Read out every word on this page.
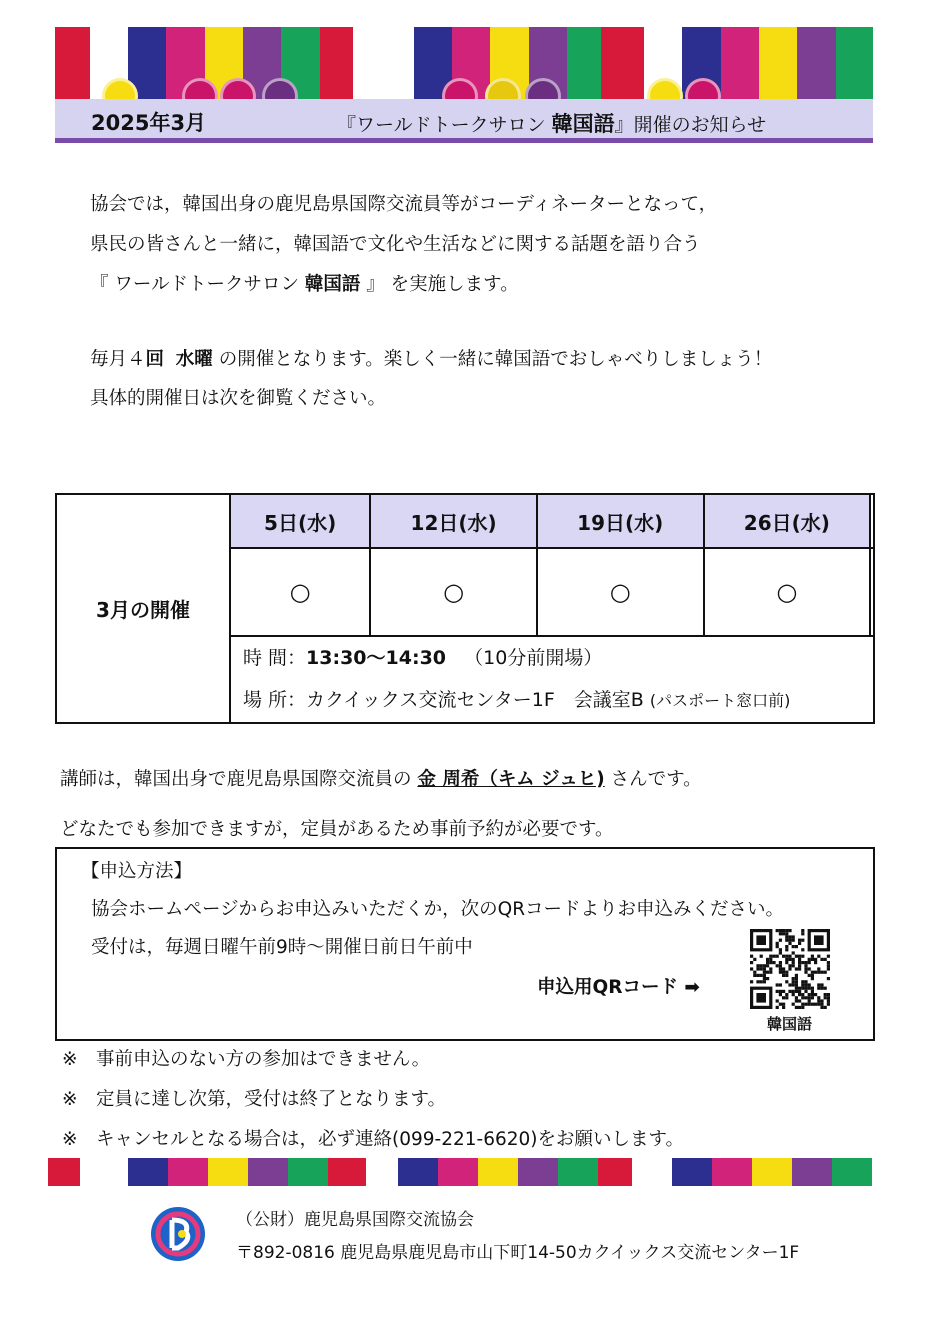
2025年3月	『ワールドトークサロン 韓国語』開催のお知らせ
協会では，韓国出身の鹿児島県国際交流員等がコーディネーターとなって，
県民の皆さんと一緒に，韓国語で文化や生活などに関する話題を語り合う
『 ワールドトークサロン 韓国語 』 を実施します。
毎月４回 水曜 の開催となります。楽しく一緒に韓国語でおしゃべりしましょう！
具体的開催日は次を御覧ください。
3月の開催	5日(水)	12日(水)	19日(水)	26日(水)	
	○	○	○	○	

	時 間：13:30～14:30 （10分前開場）
場 所：カクイックス交流センター1F　会議室B (パスポート窓口前)				
講師は，韓国出身で鹿児島県国際交流員の 金 周希（キム ジュヒ) さんです。
どなたでも参加できますが，定員があるため事前予約が必要です。
【申込方法】
協会ホームページからお申込みいただくか，次のQRコードよりお申込みください。
受付は，毎週日曜午前9時～開催日前日午前中
申込用QRコード ➡
韓国語
※　事前申込のない方の参加はできません。
※　定員に達し次第，受付は終了となります。
※　キャンセルとなる場合は，必ず連絡(099-221-6620)をお願いします。
（公財）鹿児島県国際交流協会
〒892-0816 鹿児島県鹿児島市山下町14-50カクイックス交流センター1F
